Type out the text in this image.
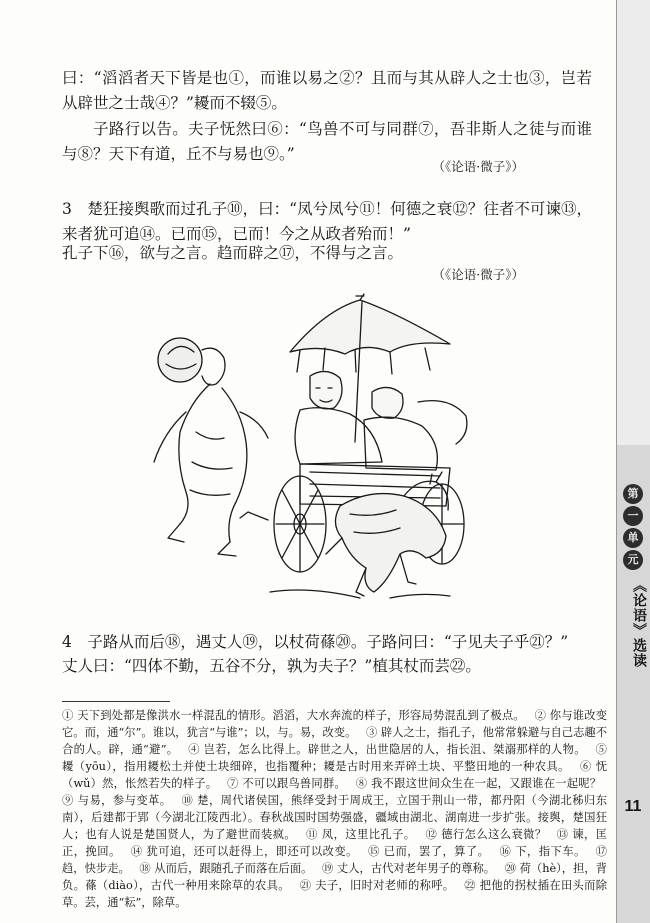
曰：“滔滔者天下皆是也①，而谁以易之②？且而与其从辟人之士也③，岂若从辟世之士哉④？”耰而不辍⑤。

子路行以告。夫子怃然曰⑥：“鸟兽不可与同群⑦，吾非斯人之徒与而谁与⑧？天下有道，丘不与易也⑨。”

（《论语·微子》）

3　楚狂接舆歌而过孔子⑩，曰：“凤兮凤兮⑪！何德之衰⑫？往者不可谏⑬，来者犹可追⑭。已而⑮，已而！今之从政者殆而！”

孔子下⑯，欲与之言。趋而辟之⑰，不得与之言。

（《论语·微子》）

4　子路从而后⑱，遇丈人⑲，以杖荷蓧⑳。子路问曰：“子见夫子乎㉑？”

丈人曰：“四体不勤，五谷不分，孰为夫子？”植其杖而芸㉒。

① 天下到处都是像洪水一样混乱的情形。滔滔，大水奔流的样子，形容局势混乱到了极点。 ② 你与谁改变它。而，通“尔”。谁以，犹言“与谁”；以，与。易，改变。 ③ 辟人之士，指孔子，他常常躲避与自己志趣不合的人。辟，通“避”。 ④ 岂若，怎么比得上。辟世之人，出世隐居的人，指长沮、桀溺那样的人物。 ⑤ 耰（yōu），指用耰松土并使土块细碎，也指覆种；耰是古时用来弄碎土块、平整田地的一种农具。 ⑥ 怃（wǔ）然，怅然若失的样子。 ⑦ 不可以跟鸟兽同群。 ⑧ 我不跟这世间众生在一起，又跟谁在一起呢？ ⑨ 与易，参与变革。 ⑩ 楚，周代诸侯国，熊绎受封于周成王，立国于荆山一带，都丹阳（今湖北秭归东南），后建都于郢（今湖北江陵西北）。春秋战国时国势强盛，疆域由湖北、湖南进一步扩张。接舆，楚国狂人；也有人说是楚国贤人，为了避世而装疯。 ⑪ 凤，这里比孔子。 ⑫ 德行怎么这么衰微？ ⑬ 谏，匡正，挽回。 ⑭ 犹可追，还可以赶得上，即还可以改变。 ⑮ 已而，罢了，算了。 ⑯ 下，指下车。 ⑰ 趋，快步走。 ⑱ 从而后，跟随孔子而落在后面。 ⑲ 丈人，古代对老年男子的尊称。 ⑳ 荷（hè），担，背负。蓧（diào），古代一种用来除草的农具。 ㉑ 夫子，旧时对老师的称呼。 ㉒ 把他的拐杖插在田头而除草。芸，通“耘”，除草。
第
一
单
元
《论语》选读
11
